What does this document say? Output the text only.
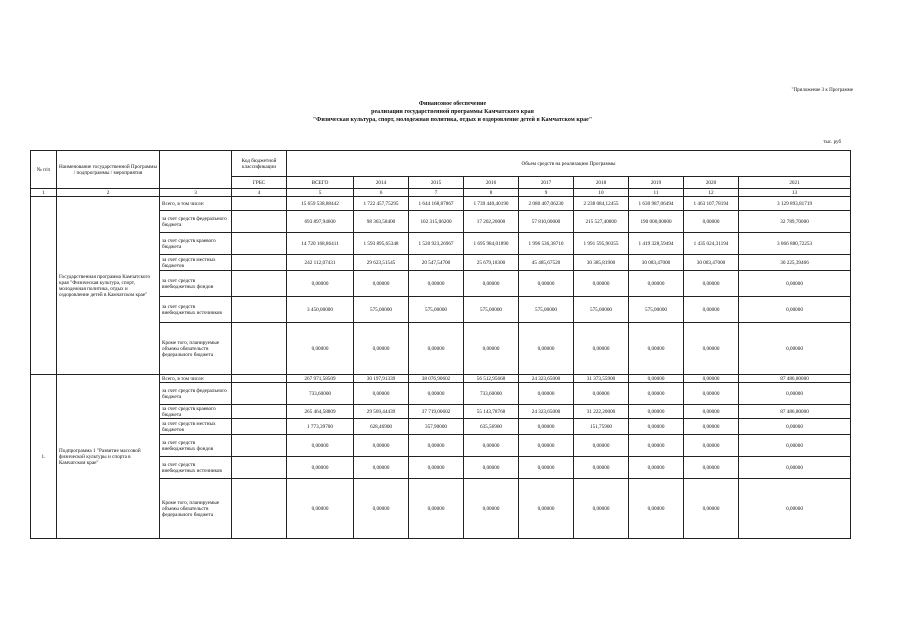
"Приложение 3 к Программе
Финансовое обеспечение
реализации государственной программы Камчатского края
"Физическая культура, спорт, молодежная политика, отдых и оздоровление детей в Камчатском крае"
тыс. руб
№ п/п	Наименование государственной Программы / подпрограммы / мероприятия		Код бюджетной классификации	Объем средств на реализацию Программы								
			ГРБС	ВСЕГО	2014	2015	2016	2017	2018	2019	2020	2021
1	2	3	4	5	6	7	8	9	10	11	12	13
	Государственная программа Камчатского края "Физическая культура, спорт, молодежная политика, отдых и оздоровление детей в Камчатском крае"	Всего, в том числе:		15 659 538,88442	1 722 457,75295	1 644 168,87867	1 739 440,40190	2 080 407,06230	2 238 084,12455	1 630 987,06494	1 463 107,78194	3 129 893,81719
		за счет средств федерального бюджета		693 897,94600	98 363,58400	102 315,06200	17 202,20000	57 810,00000	215 527,40000	190 000,00000	0,00000	32 789,70000
		за счет средств краевого бюджета		14 720 168,86411	1 593 895,65348	1 520 923,26967	1 695 984,01890	1 996 536,38710	1 991 595,90355	1 419 328,59494	1 435 024,31194	3 066 880,72253
		за счет средств местных бюджетов		242 112,07431	29 623,51545	20 547,54700	25 679,18300	45 485,67520	30 385,81900	30 083,47000	30 083,47000	30 225,39466
		за счет средств внебюджетных фондов		0,00000	0,00000	0,00000	0,00000	0,00000	0,00000	0,00000	0,00000	0,00000
		за счет средств внебюджетных источников		3 450,00000	575,00000	575,00000	575,00000	575,00000	575,00000	575,00000	0,00000	0,00000
		Кроме того, планируемые объемы обязательств федерального бюджета		0,00000	0,00000	0,00000	0,00000	0,00000	0,00000	0,00000	0,00000	0,00000
1.	Подпрограмма 1 "Развитие массовой физической культуры и спорта в Камчатском крае"	Всего, в том числе:		267 971,58509	30 197,91339	38 076,90602	56 512,95668	24 323,65000	31 373,55900	0,00000	0,00000	87 486,80000
		за счет средств федерального бюджета		733,60000	0,00000	0,00000	733,60000	0,00000	0,00000	0,00000	0,00000	0,00000
		за счет средств краевого бюджета		265 464,58809	29 569,44439	37 719,00602	55 143,78768	24 323,65000	31 222,20000	0,00000	0,00000	87 486,80000
		за счет средств местных бюджетов		1 773,39700	628,46900	357,90000	635,56900	0,00000	151,75900	0,00000	0,00000	0,00000
		за счет средств внебюджетных фондов		0,00000	0,00000	0,00000	0,00000	0,00000	0,00000	0,00000	0,00000	0,00000
		за счет средств внебюджетных источников		0,00000	0,00000	0,00000	0,00000	0,00000	0,00000	0,00000	0,00000	0,00000
		Кроме того, планируемые объемы обязательств федерального бюджета		0,00000	0,00000	0,00000	0,00000	0,00000	0,00000	0,00000	0,00000	0,00000
